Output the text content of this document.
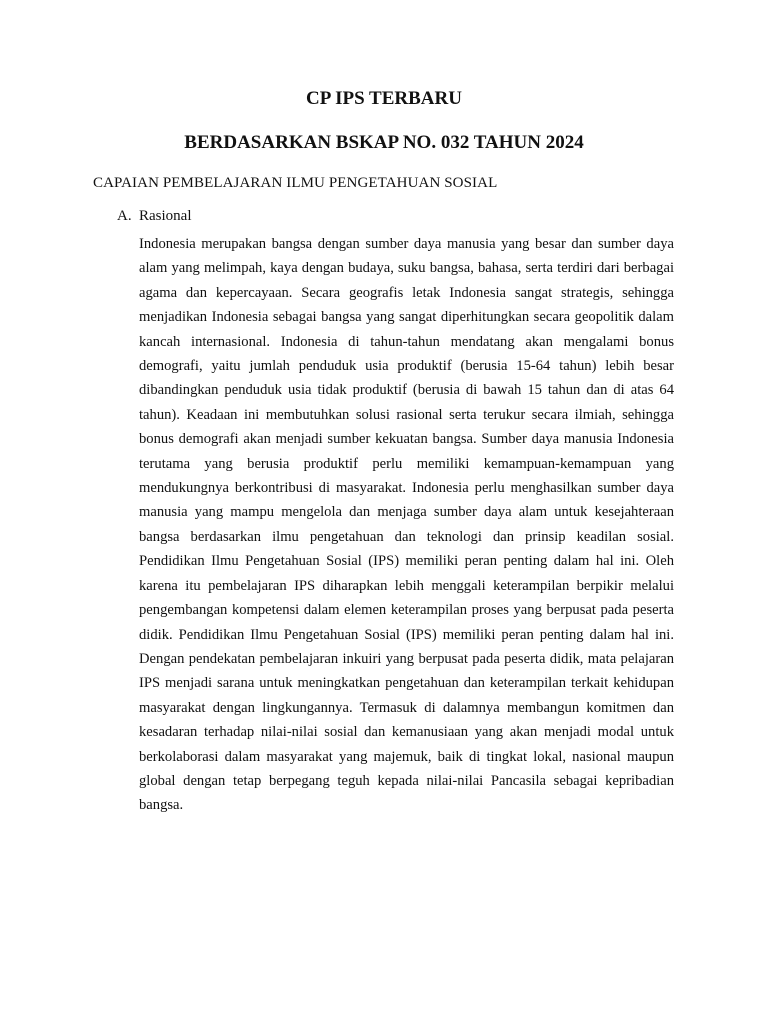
CP IPS TERBARU
BERDASARKAN BSKAP NO. 032 TAHUN 2024
CAPAIAN PEMBELAJARAN ILMU PENGETAHUAN SOSIAL
A. Rasional

Indonesia merupakan bangsa dengan sumber daya manusia yang besar dan sumber daya alam yang melimpah, kaya dengan budaya, suku bangsa, bahasa, serta terdiri dari berbagai agama dan kepercayaan. Secara geografis letak Indonesia sangat strategis, sehingga menjadikan Indonesia sebagai bangsa yang sangat diperhitungkan secara geopolitik dalam kancah internasional. Indonesia di tahun-tahun mendatang akan mengalami bonus demografi, yaitu jumlah penduduk usia produktif (berusia 15-64 tahun) lebih besar dibandingkan penduduk usia tidak produktif (berusia di bawah 15 tahun dan di atas 64 tahun). Keadaan ini membutuhkan solusi rasional serta terukur secara ilmiah, sehingga bonus demografi akan menjadi sumber kekuatan bangsa. Sumber daya manusia Indonesia terutama yang berusia produktif perlu memiliki kemampuan-kemampuan yang mendukungnya berkontribusi di masyarakat. Indonesia perlu menghasilkan sumber daya manusia yang mampu mengelola dan menjaga sumber daya alam untuk kesejahteraan bangsa berdasarkan ilmu pengetahuan dan teknologi dan prinsip keadilan sosial. Pendidikan Ilmu Pengetahuan Sosial (IPS) memiliki peran penting dalam hal ini. Oleh karena itu pembelajaran IPS diharapkan lebih menggali keterampilan berpikir melalui pengembangan kompetensi dalam elemen keterampilan proses yang berpusat pada peserta didik. Pendidikan Ilmu Pengetahuan Sosial (IPS) memiliki peran penting dalam hal ini. Dengan pendekatan pembelajaran inkuiri yang berpusat pada peserta didik, mata pelajaran IPS menjadi sarana untuk meningkatkan pengetahuan dan keterampilan terkait kehidupan masyarakat dengan lingkungannya. Termasuk di dalamnya membangun komitmen dan kesadaran terhadap nilai-nilai sosial dan kemanusiaan yang akan menjadi modal untuk berkolaborasi dalam masyarakat yang majemuk, baik di tingkat lokal, nasional maupun global dengan tetap berpegang teguh kepada nilai-nilai Pancasila sebagai kepribadian bangsa.
